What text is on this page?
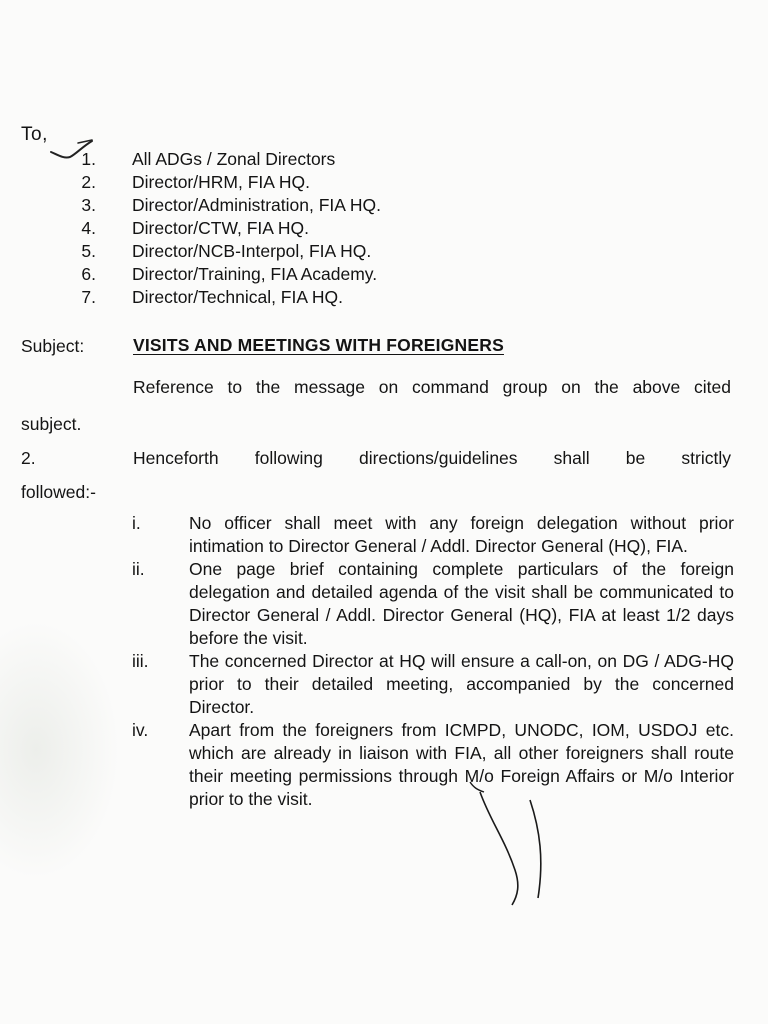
To,
1. All ADGs / Zonal Directors
2. Director/HRM, FIA HQ.
3. Director/Administration, FIA HQ.
4. Director/CTW, FIA HQ.
5. Director/NCB-Interpol, FIA HQ.
6. Director/Training, FIA Academy.
7. Director/Technical, FIA HQ.
Subject:	VISITS AND MEETINGS WITH FOREIGNERS
Reference to the message on command group on the above cited
subject.
2.	Henceforth following directions/guidelines shall be strictly
followed:-
i.	No officer shall meet with any foreign delegation without prior intimation to Director General / Addl. Director General (HQ), FIA.
ii.	One page brief containing complete particulars of the foreign delegation and detailed agenda of the visit shall be communicated to Director General / Addl. Director General (HQ), FIA at least 1/2 days before the visit.
iii. The concerned Director at HQ will ensure a call-on, on DG / ADG-HQ prior to their detailed meeting, accompanied by the concerned Director.
iv. Apart from the foreigners from ICMPD, UNODC, IOM, USDOJ etc. which are already in liaison with FIA, all other foreigners shall route their meeting permissions through M/o Foreign Affairs or M/o Interior prior to the visit.
